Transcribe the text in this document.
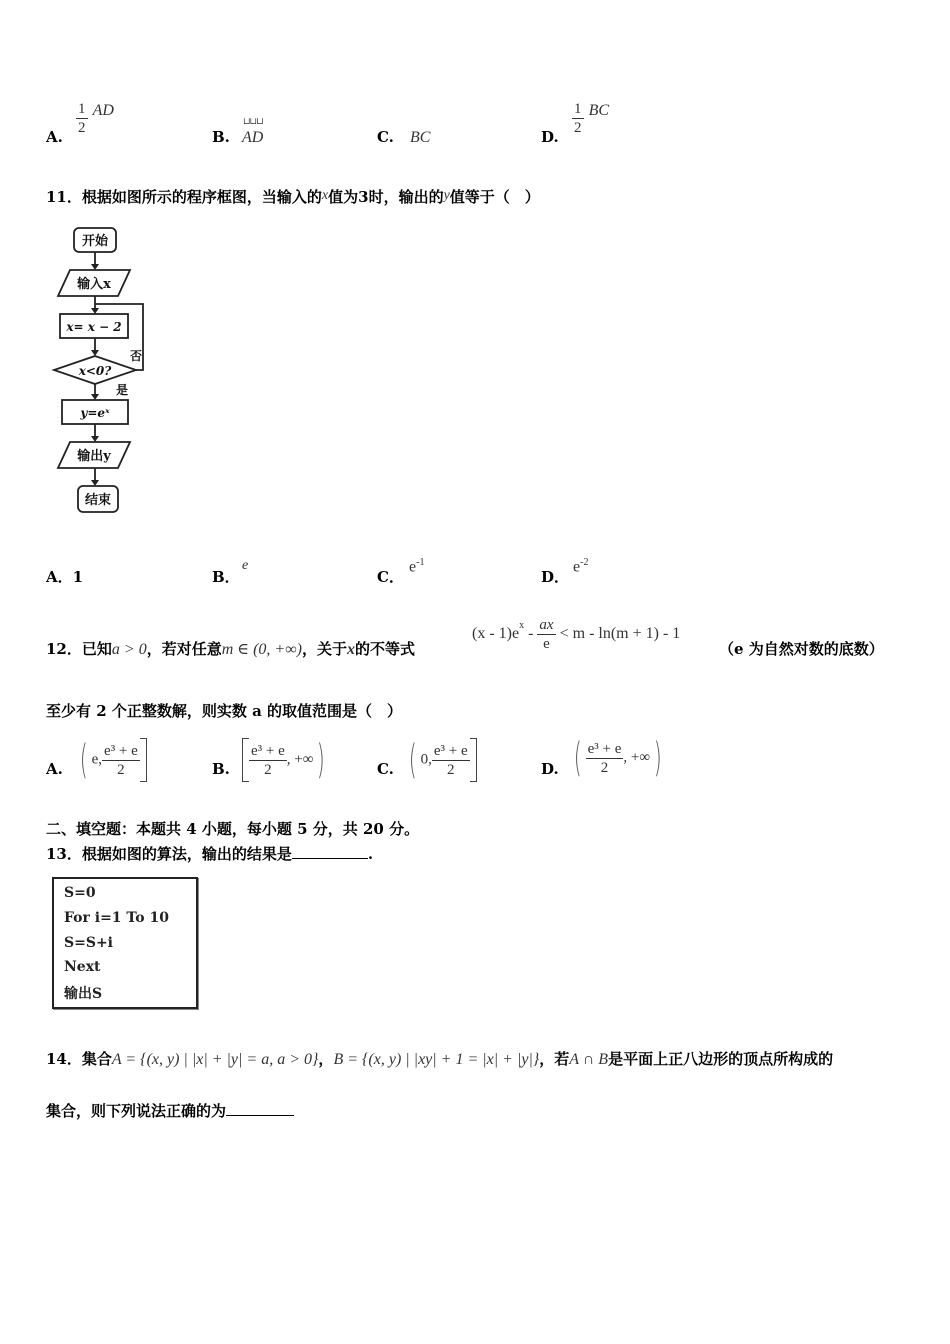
A. $\frac{1}{2}$ AD
B.
⊔⊔⊔
AD	C. BC	D. $\frac{1}{2}$ BC
11．根据如图所示的程序框图，当输入的x值为3时，输出的y值等于（　）
开始
输入x
x= x − 2
x<0?
否
是
y=eˣ
输出y
结束
A．1	B．
e
C．
$e^{-1}$
D．
$e^{-2}$
12．已知a > 0，若对任意m ∈ (0, +∞)，关于x的不等式
$(x - 1)e^x - \frac{ax}{e} < m - \ln(m + 1) - 1$
（e 为自然对数的底数）
至少有 2 个正整数解，则实数 a 的取值范围是（　）
A. ( e, $\frac{\text{e³ + e}}{2}$	B. $\frac{\text{e³ + e}}{2}$ , +∞)	C. ( 0, $\frac{\text{e³ + e}}{2}$	D. ( $\frac{\text{e³ + e}}{2}$ , +∞)
二、填空题：本题共 4 小题，每小题 5 分，共 20 分。
13．根据如图的算法，输出的结果是	.
S=0
For i=1 To 10
S=S+i
Next
输出S
14．集合A = {(x, y) | |x| + |y| = a, a > 0}，B = {(x, y) | |xy| + 1 = |x| + |y|}，若A ∩ B是平面上正八边形的顶点所构成的
集合，则下列说法正确的为
